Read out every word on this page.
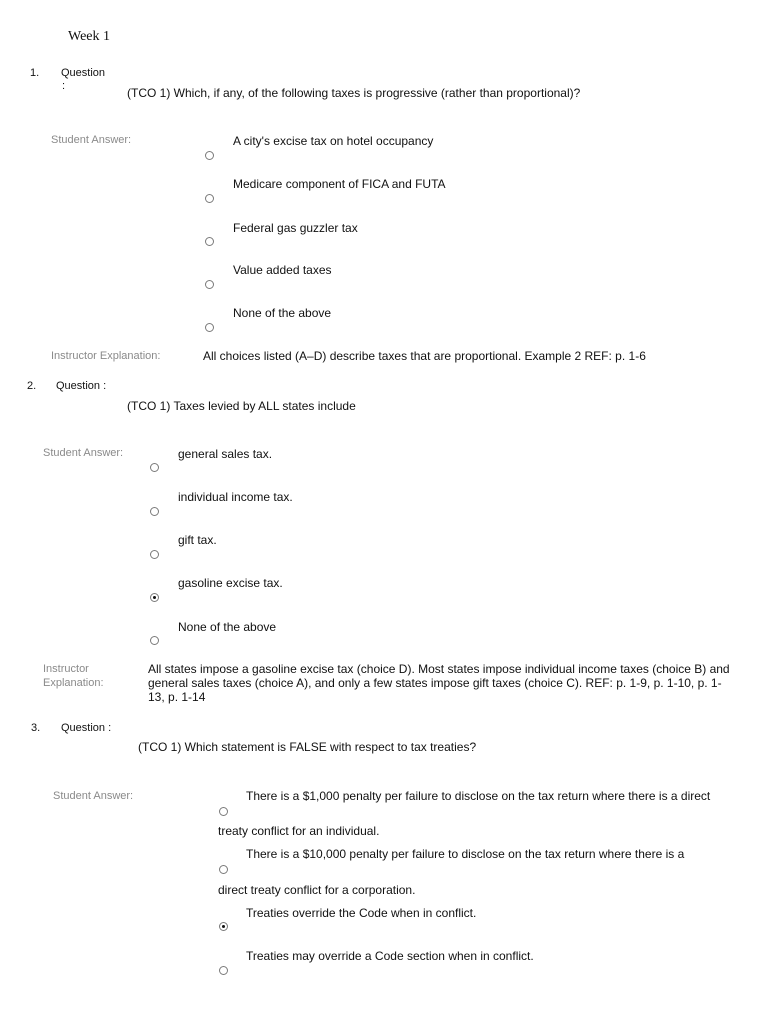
Week 1
1. Question
:	(TCO 1) Which, if any, of the following taxes is progressive (rather than proportional)?
Student Answer:	A city's excise tax on hotel occupancy
Medicare component of FICA and FUTA
Federal gas guzzler tax
Value added taxes
None of the above
Instructor Explanation:	All choices listed (A–D) describe taxes that are proportional. Example 2 REF: p. 1-6
2. Question :
(TCO 1) Taxes levied by ALL states include
Student Answer:	general sales tax.
individual income tax.
gift tax.
gasoline excise tax.
None of the above
Instructor
Explanation:
All states impose a gasoline excise tax (choice D). Most states impose individual income taxes (choice B) and general sales taxes (choice A), and only a few states impose gift taxes (choice C). REF: p. 1-9, p. 1-10, p. 1-13, p. 1-14
3. Question :
(TCO 1) Which statement is FALSE with respect to tax treaties?
Student Answer:	There is a $1,000 penalty per failure to disclose on the tax return where there is a direct
treaty conflict for an individual.
There is a $10,000 penalty per failure to disclose on the tax return where there is a
direct treaty conflict for a corporation.
Treaties override the Code when in conflict.
Treaties may override a Code section when in conflict.
